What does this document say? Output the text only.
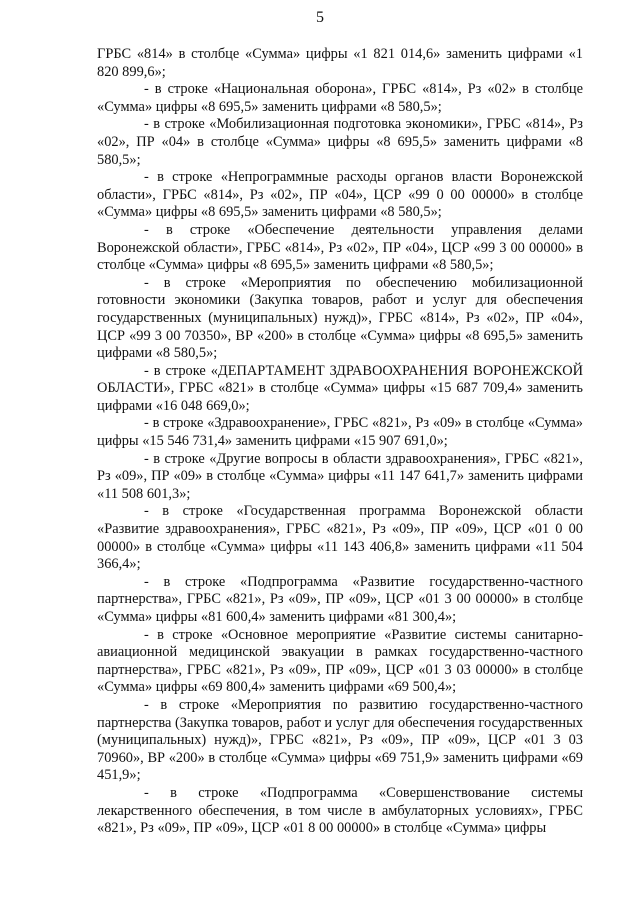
5

ГРБС «814» в столбце «Сумма» цифры «1 821 014,6» заменить цифрами «1 820 899,6»;

- в строке «Национальная оборона», ГРБС «814», Рз «02» в столбце «Сумма» цифры «8 695,5» заменить цифрами «8 580,5»;

- в строке «Мобилизационная подготовка экономики», ГРБС «814», Рз «02», ПР «04» в столбце «Сумма» цифры «8 695,5» заменить цифрами «8 580,5»;

- в строке «Непрограммные расходы органов власти Воронежской области», ГРБС «814», Рз «02», ПР «04», ЦСР «99 0 00 00000» в столбце «Сумма» цифры «8 695,5» заменить цифрами «8 580,5»;

- в строке «Обеспечение деятельности управления делами Воронежской области», ГРБС «814», Рз «02», ПР «04», ЦСР «99 3 00 00000» в столбце «Сумма» цифры «8 695,5» заменить цифрами «8 580,5»;

- в строке «Мероприятия по обеспечению мобилизационной готовности экономики (Закупка товаров, работ и услуг для обеспечения государственных (муниципальных) нужд)», ГРБС «814», Рз «02», ПР «04», ЦСР «99 3 00 70350», ВР «200» в столбце «Сумма» цифры «8 695,5» заменить цифрами «8 580,5»;

- в строке «ДЕПАРТАМЕНТ ЗДРАВООХРАНЕНИЯ ВОРОНЕЖСКОЙ ОБЛАСТИ», ГРБС «821» в столбце «Сумма» цифры «15 687 709,4» заменить цифрами «16 048 669,0»;

- в строке «Здравоохранение», ГРБС «821», Рз «09» в столбце «Сумма» цифры «15 546 731,4» заменить цифрами «15 907 691,0»;

- в строке «Другие вопросы в области здравоохранения», ГРБС «821», Рз «09», ПР «09» в столбце «Сумма» цифры «11 147 641,7» заменить цифрами «11 508 601,3»;

- в строке «Государственная программа Воронежской области «Развитие здравоохранения», ГРБС «821», Рз «09», ПР «09», ЦСР «01 0 00 00000» в столбце «Сумма» цифры «11 143 406,8» заменить цифрами «11 504 366,4»;

- в строке «Подпрограмма «Развитие государственно-частного партнерства», ГРБС «821», Рз «09», ПР «09», ЦСР «01 3 00 00000» в столбце «Сумма» цифры «81 600,4» заменить цифрами «81 300,4»;

- в строке «Основное мероприятие «Развитие системы санитарно-авиационной медицинской эвакуации в рамках государственно-частного партнерства», ГРБС «821», Рз «09», ПР «09», ЦСР «01 3 03 00000» в столбце «Сумма» цифры «69 800,4» заменить цифрами «69 500,4»;

- в строке «Мероприятия по развитию государственно-частного партнерства (Закупка товаров, работ и услуг для обеспечения государственных (муниципальных) нужд)», ГРБС «821», Рз «09», ПР «09», ЦСР «01 3 03 70960», ВР «200» в столбце «Сумма» цифры «69 751,9» заменить цифрами «69 451,9»;

- в строке «Подпрограмма «Совершенствование системы лекарственного обеспечения, в том числе в амбулаторных условиях», ГРБС «821», Рз «09», ПР «09», ЦСР «01 8 00 00000» в столбце «Сумма» цифры
